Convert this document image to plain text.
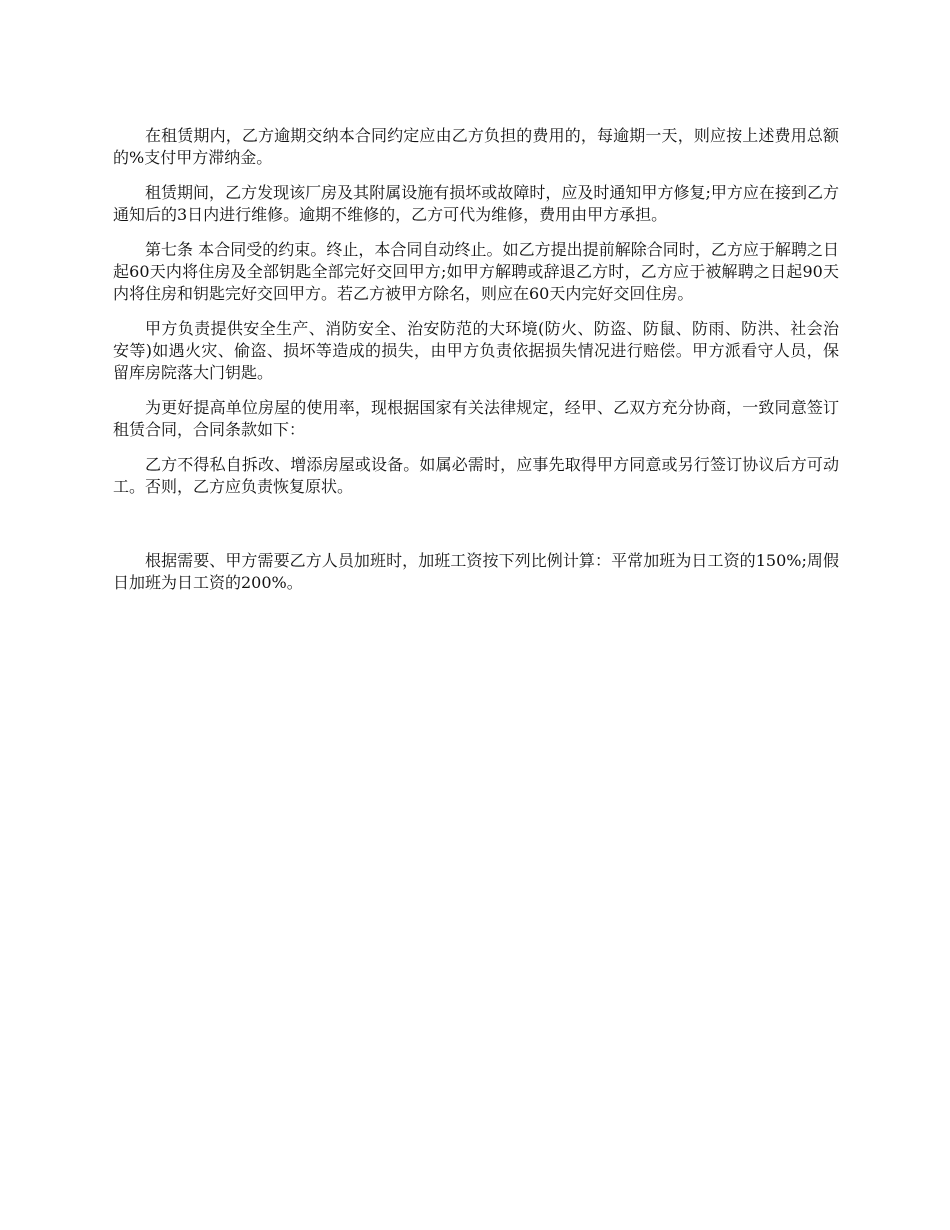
在租赁期内，乙方逾期交纳本合同约定应由乙方负担的费用的，每逾期一天，则应按上述费用总额的%支付甲方滞纳金。

租赁期间，乙方发现该厂房及其附属设施有损坏或故障时，应及时通知甲方修复;甲方应在接到乙方通知后的3日内进行维修。逾期不维修的，乙方可代为维修，费用由甲方承担。

第七条 本合同受的约束。终止，本合同自动终止。如乙方提出提前解除合同时，乙方应于解聘之日起60天内将住房及全部钥匙全部完好交回甲方;如甲方解聘或辞退乙方时，乙方应于被解聘之日起90天内将住房和钥匙完好交回甲方。若乙方被甲方除名，则应在60天内完好交回住房。

甲方负责提供安全生产、消防安全、治安防范的大环境(防火、防盗、防鼠、防雨、防洪、社会治安等)如遇火灾、偷盗、损坏等造成的损失，由甲方负责依据损失情况进行赔偿。甲方派看守人员，保留库房院落大门钥匙。

为更好提高单位房屋的使用率，现根据国家有关法律规定，经甲、乙双方充分协商，一致同意签订租赁合同，合同条款如下：

乙方不得私自拆改、增添房屋或设备。如属必需时，应事先取得甲方同意或另行签订协议后方可动工。否则，乙方应负责恢复原状。

根据需要、甲方需要乙方人员加班时，加班工资按下列比例计算：平常加班为日工资的150%;周假日加班为日工资的200%。
